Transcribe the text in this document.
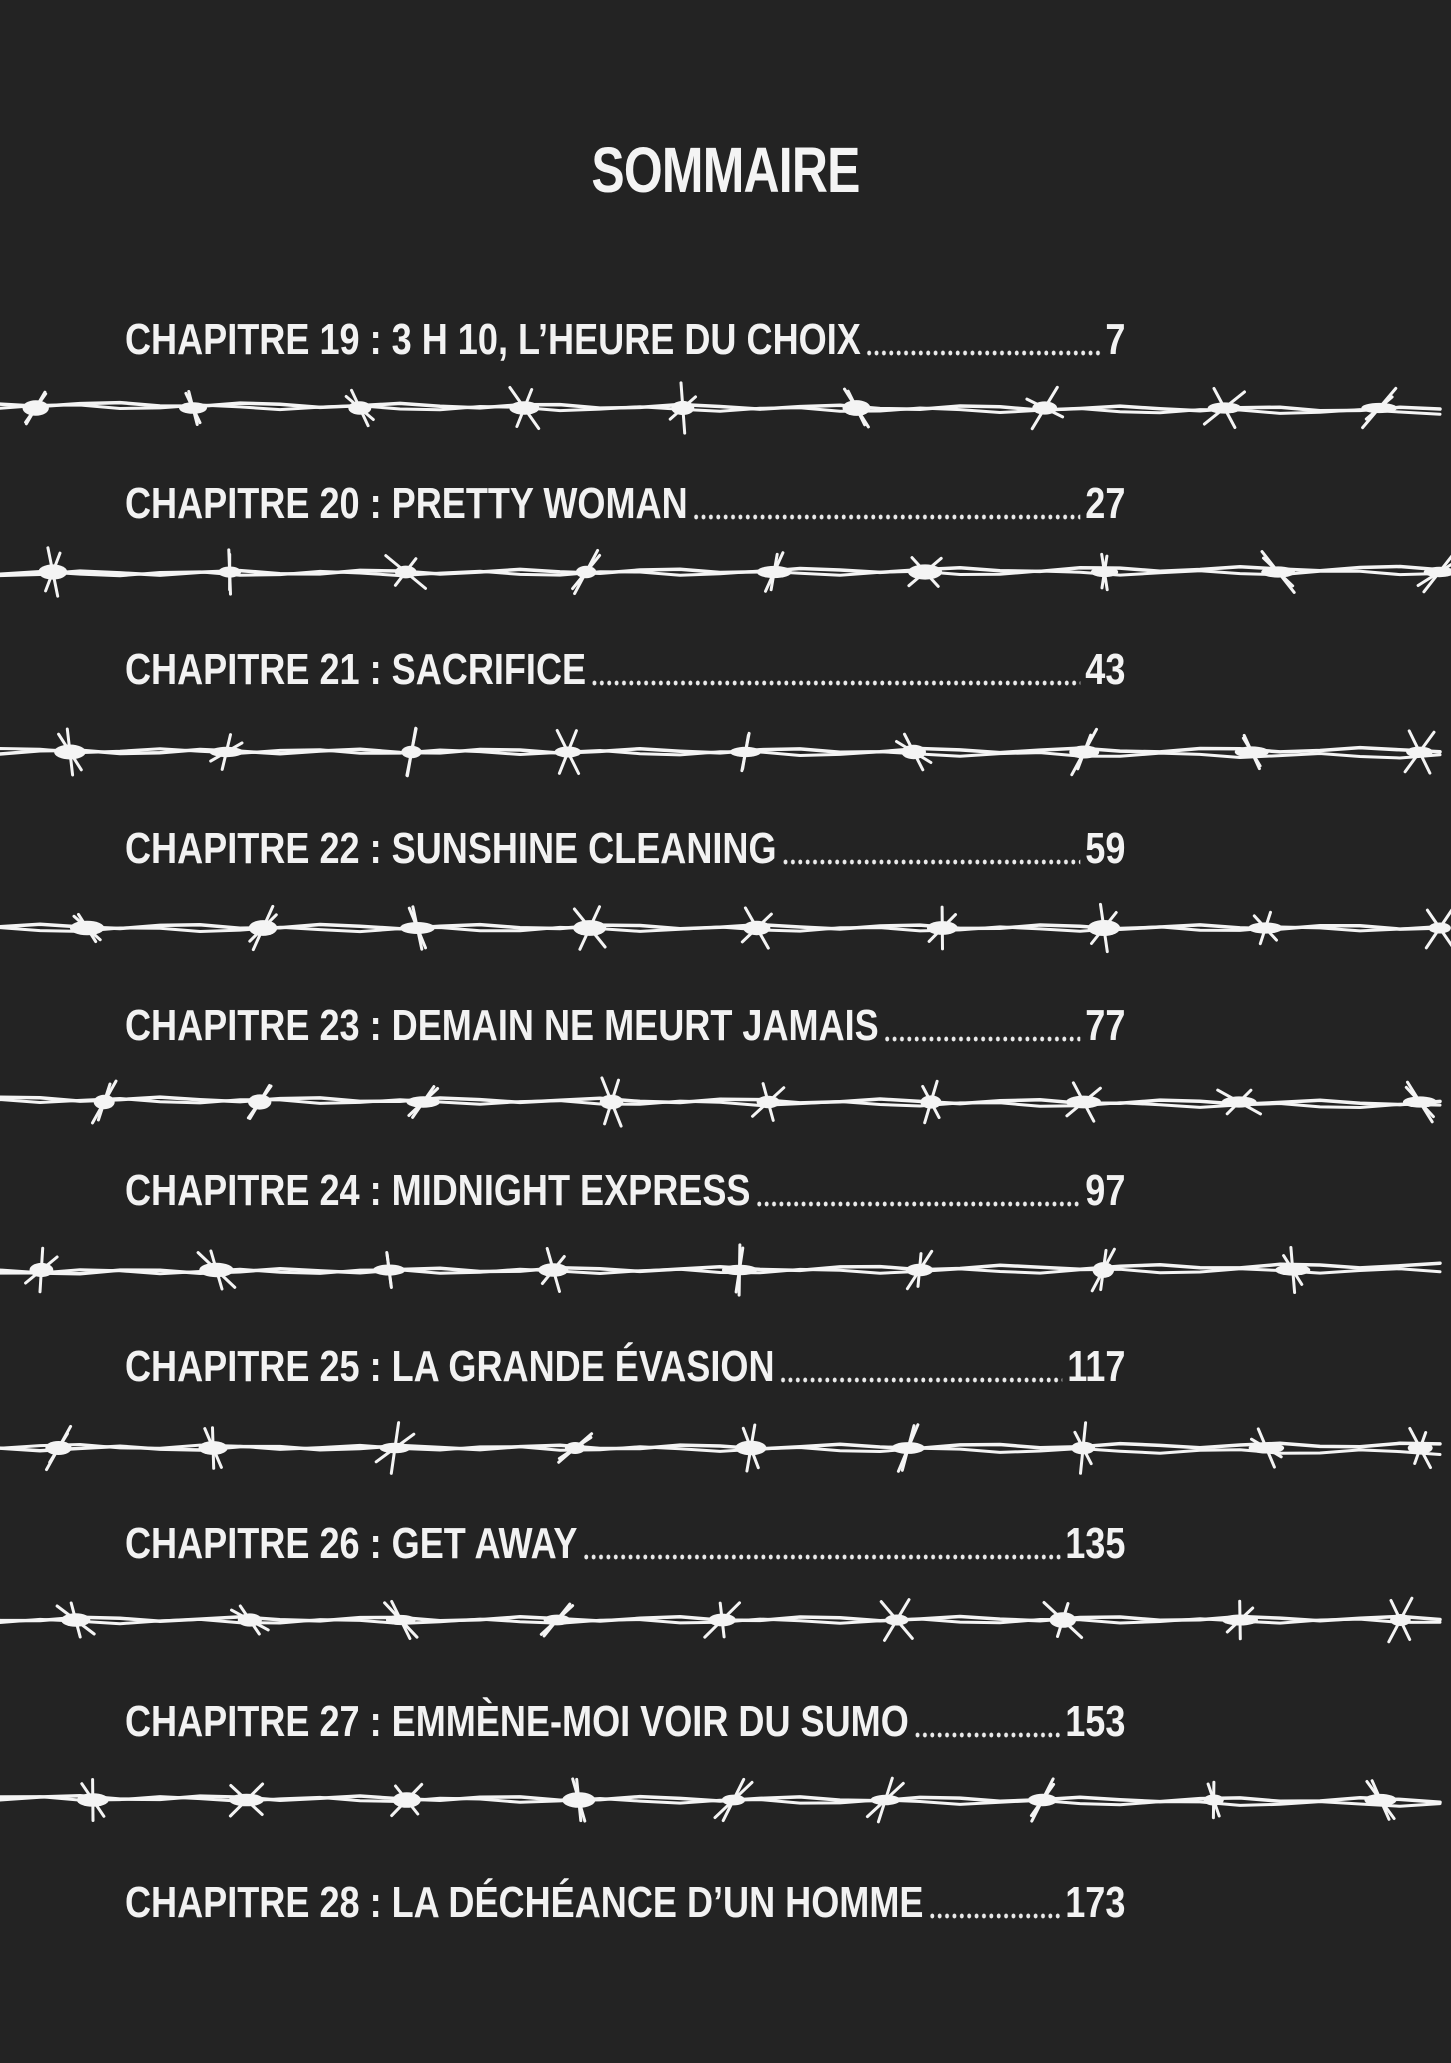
SOMMAIRE
CHAPITRE 19 : 3 H 10, L’HEURE DU CHOIX	7
CHAPITRE 20 : PRETTY WOMAN	27
CHAPITRE 21 : SACRIFICE	43
CHAPITRE 22 : SUNSHINE CLEANING	59
CHAPITRE 23 : DEMAIN NE MEURT JAMAIS	77
CHAPITRE 24 : MIDNIGHT EXPRESS	97
CHAPITRE 25 : LA GRANDE ÉVASION	117
CHAPITRE 26 : GET AWAY	135
CHAPITRE 27 : EMMÈNE-MOI VOIR DU SUMO	153
CHAPITRE 28 : LA DÉCHÉANCE D’UN HOMME	173
